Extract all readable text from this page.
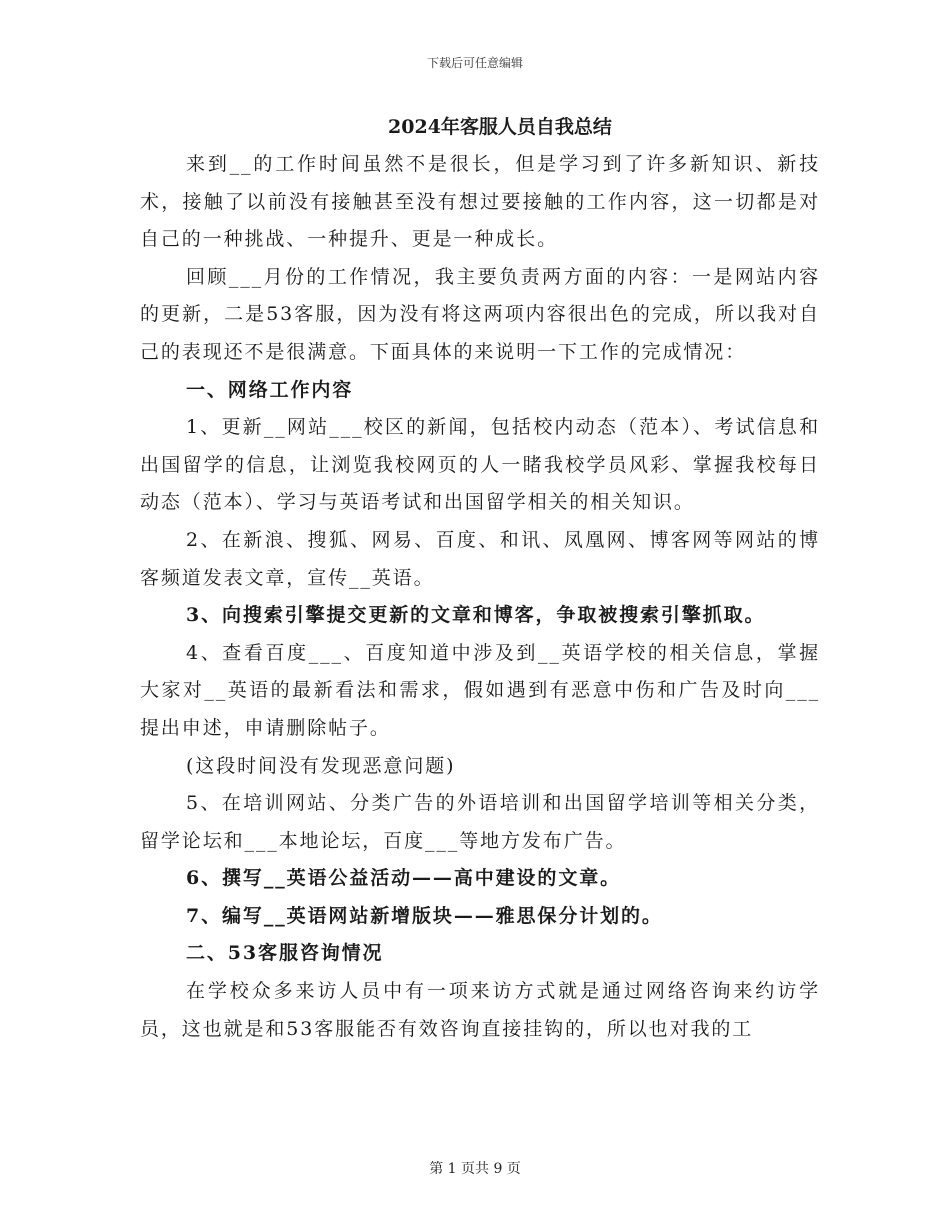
下载后可任意编辑
2024年客服人员自我总结

来到__的工作时间虽然不是很长，但是学习到了许多新知识、新技术，接触了以前没有接触甚至没有想过要接触的工作内容，这一切都是对自己的一种挑战、一种提升、更是一种成长。

回顾___月份的工作情况，我主要负责两方面的内容：一是网站内容的更新，二是53客服，因为没有将这两项内容很出色的完成，所以我对自己的表现还不是很满意。下面具体的来说明一下工作的完成情况：

一、网络工作内容

1、更新__网站___校区的新闻，包括校内动态（范本）、考试信息和出国留学的信息，让浏览我校网页的人一睹我校学员风彩、掌握我校每日动态（范本）、学习与英语考试和出国留学相关的相关知识。

2、在新浪、搜狐、网易、百度、和讯、凤凰网、博客网等网站的博客频道发表文章，宣传__英语。

3、向搜索引擎提交更新的文章和博客，争取被搜索引擎抓取。

4、查看百度___、百度知道中涉及到__英语学校的相关信息，掌握大家对__英语的最新看法和需求，假如遇到有恶意中伤和广告及时向___提出申述，申请删除帖子。

(这段时间没有发现恶意问题)

5、在培训网站、分类广告的外语培训和出国留学培训等相关分类，留学论坛和___本地论坛，百度___等地方发布广告。

6、撰写__英语公益活动——高中建设的文章。

7、编写__英语网站新增版块——雅思保分计划的。

二、53客服咨询情况

在学校众多来访人员中有一项来访方式就是通过网络咨询来约访学员，这也就是和53客服能否有效咨询直接挂钩的，所以也对我的工

第 1 页共 9 页
